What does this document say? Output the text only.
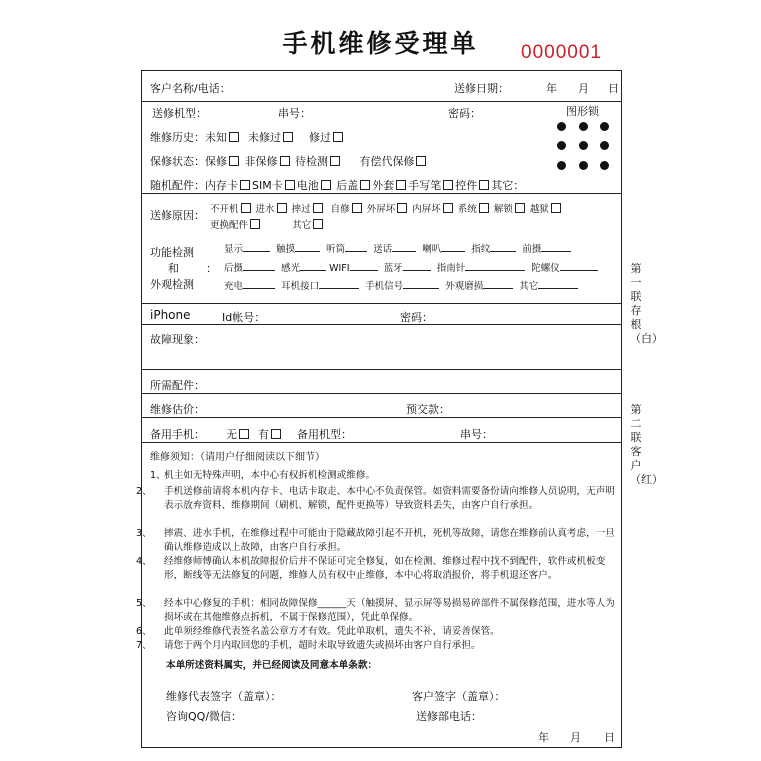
手机维修受理单	0000001
客户名称/电话：	送修日期：	年 月 日
送修机型：	串号：	密码：	图形锁
维修历史：未知 未修过	修过
保修状态：保修 非保修 待检测	有偿代保修
随机配件：内存卡 SIM卡 电池 后盖 外套 手写笔 控件 其它：
送修原因： 不开机 进水 摔过 自修 外屏坏 内屏坏 系统 解锁 越狱
更换配件	其它
功能检测
和
外观检测
：
显示	触摸	听筒	送话	喇叭	指纹	前摄
后摄	感光	WIFI	蓝牙	指南针	陀螺仪
充电	耳机接口	手机信号	外观磨损	其它
iPhone	Id帐号：	密码：
故障现象：
所需配件：
维修估价：	预交款：
备用手机： 无 有	备用机型：	串号：
维修须知：（请用户仔细阅读以下细节）
1、机主如无特殊声明，本中心有权拆机检测或维修。
2、 手机送修前请将本机内存卡、电话卡取走、本中心不负责保管。如资料需要备份请向维修人员说明，无声明表示放弃资料、维修期间（刷机、解锁，配件更换等）导致资料丢失，由客户自行承担。
3、 摔震、进水手机，在维修过程中可能由于隐藏故障引起不开机，死机等故障，请您在维修前认真考虑，一旦确认维修造成以上故障，由客户自行承担。
4、 经维修师傅确认本机故障报价后并不保证可完全修复，如在检测、维修过程中找不到配件，软件或机板变形，断线等无法修复的问题，维修人员有权中止维修，本中心将取消报价，将手机退还客户。
5、 经本中心修复的手机：相同故障保修______天（触摸屏、显示屏等易损易碎部件不属保修范围，进水等人为损坏或在其他维修点拆机，不属于保修范围），凭此单保修。
6、 此单须经维修代表签名盖公章方才有效。凭此单取机，遗失不补，请妥善保管。
7、 请您于两个月内取回您的手机，超时未取导致遗失或损坏由客户自行承担。
本单所述资料属实，并已经阅读及同意本单条款：
维修代表签字（盖章）：	客户签字（盖章）：
咨询QQ/微信：	送修部电话：
年 月 日
第一联存根（白）
第二联客户（红）
